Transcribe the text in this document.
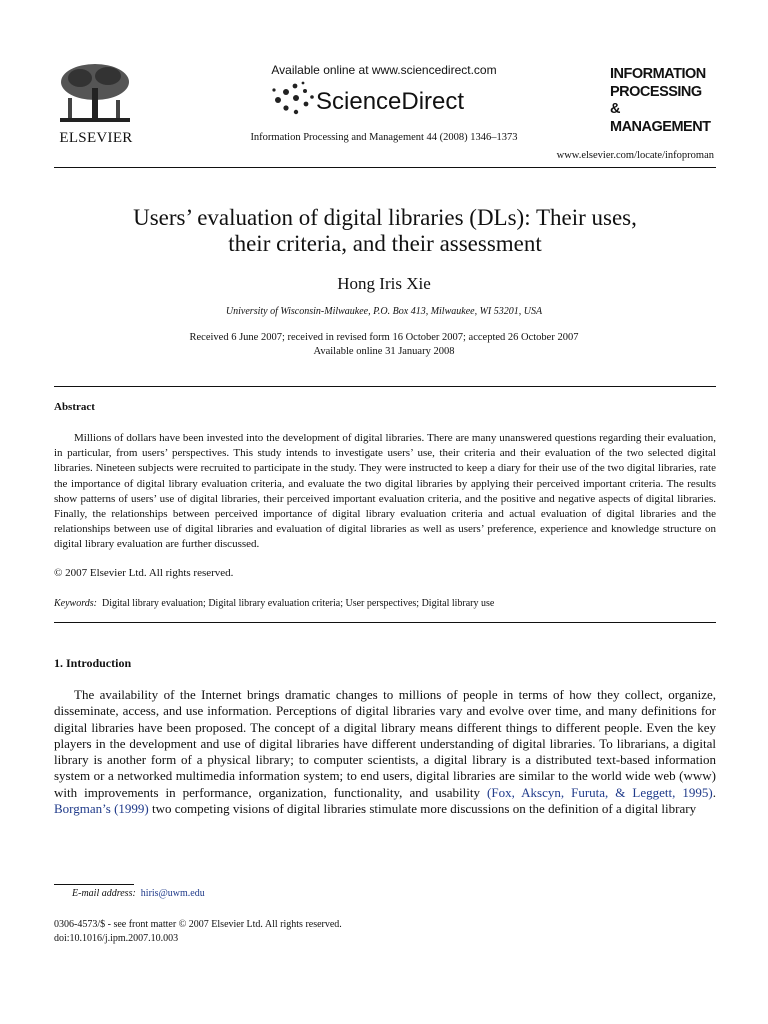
ELSEVIER
Available online at www.sciencedirect.com
ScienceDirect
Information Processing and Management 44 (2008) 1346–1373
INFORMATION
PROCESSING
&
MANAGEMENT
www.elsevier.com/locate/infoproman
Users’ evaluation of digital libraries (DLs): Their uses,
their criteria, and their assessment
Hong Iris Xie
University of Wisconsin-Milwaukee, P.O. Box 413, Milwaukee, WI 53201, USA
Received 6 June 2007; received in revised form 16 October 2007; accepted 26 October 2007
Available online 31 January 2008
Abstract
Millions of dollars have been invested into the development of digital libraries. There are many unanswered questions regarding their evaluation, in particular, from users’ perspectives. This study intends to investigate users’ use, their criteria and their evaluation of the two selected digital libraries. Nineteen subjects were recruited to participate in the study. They were instructed to keep a diary for their use of the two digital libraries, rate the importance of digital library evaluation criteria, and evaluate the two digital libraries by applying their perceived important criteria. The results show patterns of users’ use of digital libraries, their perceived important evaluation criteria, and the positive and negative aspects of digital libraries. Finally, the relationships between perceived importance of digital library evaluation criteria and actual evaluation of digital libraries and the relationships between use of digital libraries and evaluation of digital libraries as well as users’ preference, experience and knowledge structure on digital library evaluation are further discussed.
© 2007 Elsevier Ltd. All rights reserved.
Keywords: Digital library evaluation; Digital library evaluation criteria; User perspectives; Digital library use
1. Introduction
The availability of the Internet brings dramatic changes to millions of people in terms of how they collect, organize, disseminate, access, and use information. Perceptions of digital libraries vary and evolve over time, and many definitions for digital libraries have been proposed. The concept of a digital library means different things to different people. Even the key players in the development and use of digital libraries have different understanding of digital libraries. To librarians, a digital library is another form of a physical library; to computer scientists, a digital library is a distributed text-based information system or a networked multimedia information system; to end users, digital libraries are similar to the world wide web (www) with improvements in performance, organization, functionality, and usability (Fox, Akscyn, Furuta, & Leggett, 1995). Borgman’s (1999) two competing visions of digital libraries stimulate more discussions on the definition of a digital library
E-mail address: hiris@uwm.edu
0306-4573/$ - see front matter © 2007 Elsevier Ltd. All rights reserved.
doi:10.1016/j.ipm.2007.10.003
